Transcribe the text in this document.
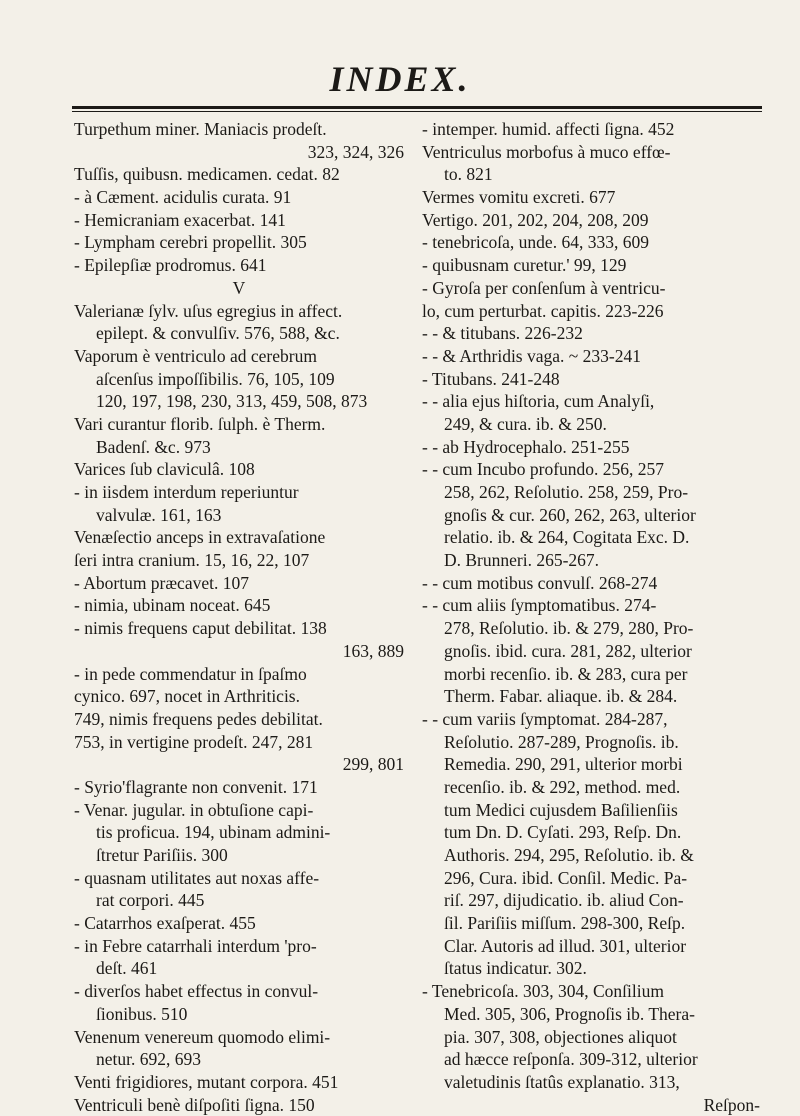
INDEX.
Turpethum miner. Maniacis prodeſt.
323, 324, 326
Tuſſis, quibusn. medicamen. cedat. 82
- à Cæment. acidulis curata. 91
- Hemicraniam exacerbat. 141
- Lympham cerebri propellit. 305
- Epilepſiæ prodromus. 641
V
Valerianæ ſylv. uſus egregius in affect.
epilept. & convulſiv. 576, 588, &c.
Vaporum è ventriculo ad cerebrum
aſcenſus impoſſibilis. 76, 105, 109
120, 197, 198, 230, 313, 459, 508, 873
Vari curantur florib. ſulph. è Therm.
Badenſ. &c. 973
Varices ſub claviculâ. 108
- in iisdem interdum reperiuntur
valvulæ. 161, 163
Venæſectio anceps in extravaſatione
ſeri intra cranium. 15, 16, 22, 107
- Abortum præcavet. 107
- nimia, ubinam noceat. 645
- nimis frequens caput debilitat. 138
163, 889
- in pede commendatur in ſpaſmo
cynico. 697, nocet in Arthriticis.
749, nimis frequens pedes debilitat.
753, in vertigine prodeſt. 247, 281
299, 801
- Syrio'flagrante non convenit. 171
- Venar. jugular. in obtuſione capi-
tis proficua. 194, ubinam admini-
ſtretur Pariſiis. 300
- quasnam utilitates aut noxas affe-
rat corpori. 445
- Catarrhos exaſperat. 455
- in Febre catarrhali interdum 'pro-
deſt. 461
- diverſos habet effectus in convul-
ſionibus. 510
Venenum venereum quomodo elimi-
netur. 692, 693
Venti frigidiores, mutant corpora. 451
Ventriculi benè diſpoſiti ſigna. 150
- intemper. humid. affecti ſigna. 452
Ventriculus morbofus à muco effœ-
to. 821
Vermes vomitu excreti. 677
Vertigo. 201, 202, 204, 208, 209
- tenebricoſa, unde. 64, 333, 609
- quibusnam curetur.' 99, 129
- Gyroſa per conſenſum à ventricu-
lo, cum perturbat. capitis. 223-226
- - & titubans. 226-232
- - & Arthridis vaga. ~ 233-241
- Titubans. 241-248
- - alia ejus hiſtoria, cum Analyſi,
249, & cura. ib. & 250.
- - ab Hydrocephalo. 251-255
- - cum Incubo profundo. 256, 257
258, 262, Reſolutio. 258, 259, Pro-
gnoſis & cur. 260, 262, 263, ulterior
relatio. ib. & 264, Cogitata Exc. D.
D. Brunneri. 265-267.
- - cum motibus convulſ. 268-274
- - cum aliis ſymptomatibus. 274-
278, Reſolutio. ib. & 279, 280, Pro-
gnoſis. ibid. cura. 281, 282, ulterior
morbi recenſio. ib. & 283, cura per
Therm. Fabar. aliaque. ib. & 284.
- - cum variis ſymptomat. 284-287,
Reſolutio. 287-289, Prognoſis. ib.
Remedia. 290, 291, ulterior morbi
recenſio. ib. & 292, method. med.
tum Medici cujusdem Baſilienſiis
tum Dn. D. Cyſati. 293, Reſp. Dn.
Authoris. 294, 295, Reſolutio. ib. &
296, Cura. ibid. Conſil. Medic. Pa-
riſ. 297, dijudicatio. ib. aliud Con-
ſil. Pariſiis miſſum. 298-300, Reſp.
Clar. Autoris ad illud. 301, ulterior
ſtatus indicatur. 302.
- Tenebricoſa. 303, 304, Conſilium
Med. 305, 306, Prognoſis ib. Thera-
pia. 307, 308, objectiones aliquot
ad hæcce reſponſa. 309-312, ulterior
valetudinis ſtatûs explanatio. 313,
Reſpon-
